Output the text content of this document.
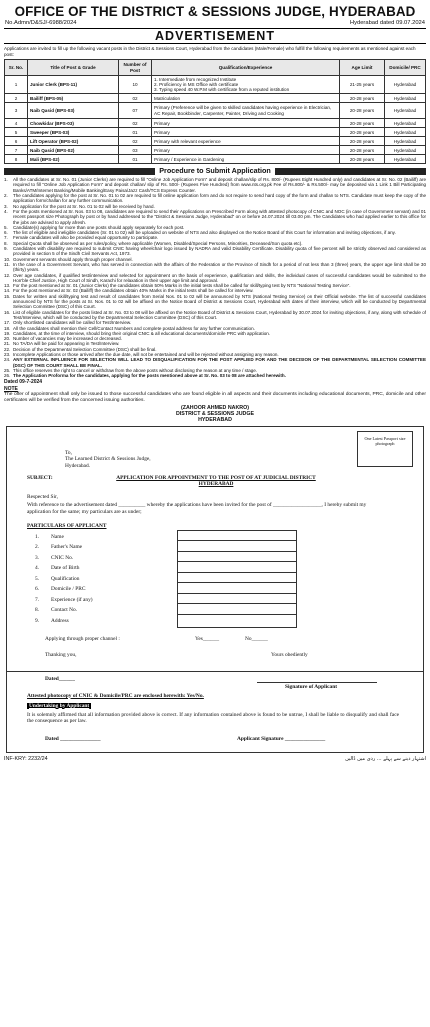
OFFICE OF THE DISTRICT & SESSIONS JUDGE, HYDERABAD
No.Admn/D&SJ/-6988/2024	Hyderabad dated 09.07.2024
ADVERTISEMENT
Applications are invited to fill up the following vacant posts in the District & Sessions Court, Hyderabad from the candidates (Male/Female) who fulfill the following requirements as mentioned against each post:
Sr. No.	Title of Post & Grade	Number of Post	Qualification/Experience	Age Limit	Domicile/ PRC
1	Junior Clerk (BPS-11)	10	1. Intermediate from recognized Institute
2. Proficiency in MS Office with certificate
3. Typing speed 40 W.P.M with certificate from a reputed institution	21-25 years	Hyderabad
2	Bailiff (BPS-05)	02	Matriculation	20-28 years	Hyderabad
3	Naib Qasid (BPS-03)	07	Primary (Preference will be given to skilled candidates having experience in Electrician, AC Repair, Bookbinder, Carpenter, Painter, Driving and Cooking	20-28 years	Hyderabad
4	Chowkidar (BPS-03)	02	Primary	20-28 years	Hyderabad
5	Sweeper (BPS-03)	01	Primary	20-28 years	Hyderabad
6	Lift Operator (BPS-02)	02	Primary with relevant experience	20-28 years	Hyderabad
7	Naib Qasid (BPS-02)	03	Primary	20-28 years	Hyderabad
8	Mali (BPS-02)	01	Primary / Experience in Gardening	20-28 years	Hyderabad
Procedure to Submit Application
1.	All the candidates at Sr. No. 01 (Junior Clerks) are required to fill "Online Job Application Form" and deposit challan/slip of Rs. 800/- (Rupees Eight Hundred only) and candidates at Sr. No. 02 (Bailiff) are required to fill "Online Job Application Form" and deposit challan/ slip of Rs. 500/- (Rupees Five Hundred) from www.nts.org.pk Fee of Rs.800/- & Rs.500/- may be deposited via 1 Link 1 Bill Participating Banks/ATM/Internet Banking/Mobile Banking/Easy Paisa/Jazz Cash/TCS Express Counter.
2.	The candidates applying for the post at Sr. No. 01 to 02 are required to fill online application form and do not require to send hard copy of the form and challan to NTS. Candidate must keep the copy of the application form/challan for any further communication.
3.	No application for the post at Sr. No. 01 to 02 will be received by hand.
4.	For the posts mentioned at Sr. Nos. 03 to 08, candidates are required to send their Applications on Prescribed Form along with attested photocopy of CNIC and NOC (in case of Government servant) and 01 recent passport size Photograph by post or by hand addressed to the "District & Sessions Judge, Hyderabad" on or before 24.07.2024 till 03.00 pm. The Candidates who had applied earlier to this office for the jobs are advised to apply afresh.
5.	Candidate(s) applying for more than one posts should apply separately for each post.
6.	The list of eligible and ineligible candidates (Sr. 01 to 02) will be uploaded on website of NTS and also displayed on the Notice Board of this Court for information and inviting objections, if any.
7.	Female candidates will also be provided equal opportunity to participate.
8.	Special Quota shall be observed as per rules/policy, where applicable (Women, Disabled/Special Persons, Minorities, Deceased/Son quota etc).
9.	Candidates with disability are required to submit CNIC having wheelchair logo issued by NADRA and valid Disability Certificate. Disability quota of five percent will be strictly observed and considered as provided in section 5 of the Sindh Civil Servants Act, 1973.
10. Government servants should apply through proper channel.
11. In the case of a Government Servant, who has served in connection with the affairs of the Federation or the Province of Sindh for a period of not less than 3 (three) years, the upper age limit shall be 30 (thirty) years.
12. Over age candidates, if qualified test/interview and selected for appointment on the basis of experience, qualification and skills, the individual cases of successful candidates would be submitted to the Hon'ble Chief Justice, High Court of Sindh, Karachi for relaxation in their upper age limit and approval.
13. For the post mentioned at Sr. 01 (Junior Clerks) the candidates obtain 50% Marks in the initial tests shall be called for skill/typing test by NTS "National Testing Service".
14. For the post mentioned at Sr. 02 (Bailiff) the candidates obtain 40% Marks in the initial tests shall be called for interview.
15. Dates for written and skill/typing test and result of candidates from Serial Nos. 01 to 02 will be announced by NTS (National Testing Service) on their Official website. The list of successful candidates announced by NTS for the posts at Sr. Nos. 01 to 02 will be affixed on the Notice Board of District & Sessions Court, Hyderabad with dates of their interview, which will be conducted by Departmental Selection Committee (DSC) of this Court.
16. List of eligible candidates for the posts listed at Sr. No. 03 to 08 will be affixed on the Notice Board of District & Sessions Court, Hyderabad by 30.07.2024 for inviting objections, if any, along with schedule of Test/Interview, which will be conducted by the Departmental Selection Committee (DSC) of this Court.
17. Only shortlisted candidates will be called for Test/Interview.
18. All the candidates shall mention their Cell/Contact Numbers and complete postal address for any further communication.
19. Candidates, at the time of interview, should bring their original CNIC & all educational documents/domicile PRC with application.
20. Number of vacancies may be increased or decreased.
21. No TA/DA will be paid for appearing in Test/Interview.
22. Decision of the Departmental Selection Committee (DSC) shall be final.
23. Incomplete Applications or those arrived after the due date, will not be entertained and will be rejected without assigning any reason.
24. ANY EXTERNAL INFLUENCE FOR SELECTION WILL LEAD TO DISQUALIFICATION FOR THE POST APPLIED FOR AND THE DECISION OF THE DEPARTMENTAL SELECTION COMMITTEE (DSC) OF THIS COURT SHALL BE FINAL.
25. This office reserves the right to cancel or withdraw from the above posts without disclosing the reason at any time / stage.
26. The Application Proforma for the candidates, applying for the posts mentioned above at Sr. No. 03 to 08 are attached herewith.
Dated 09-7-2024
NOTE
The offer of appointment shall only be issued to those successful candidates who are found eligible in all aspects and their documents including educational documents, PRC, domicile and other certificates will be verified from the concerned issuing authorities.
(ZAHOOR AHMED NAKRO)
DISTRICT & SESSIONS JUDGE
HYDERABAD
One Latest Passport size photograph
To,
The Learned District & Sessions Judge,
Hyderabad.
SUBJECT:	APPLICATION FOR APPOINTMENT TO THE POST OF AT JUDICIAL DISTRICT HYDERABAD
Respected Sir,
With reference to the advertisement dated __________ whereby the applications have been invited for the post of __________________, I hereby submit my application for the same; my particulars are as under;
PARTICULARS OF APPLICANT
1.	Name
2.	Father's Name
3.	CNIC No.
4.	Date of Birth
5.	Qualification
6.	Domicile / PRC
7.	Experience (if any)
8.	Contact No.
9.	Address
Applying through proper channel :	Yes______	No______
Thanking you,	Yours obediently
Dated______
Signature of Applicant
Attested photocopy of CNIC & Domicile/PRC are enclosed herewith: Yes/No.
Undertaking by Applicant
It is solemnly affirmed that all information provided above is correct. If any information contained above is found to be untrue, I shall be liable to disqualify and shall face the consequence as per law.
Dated _______________	Applicant Signature _______________
INF-KRY: 2232/24	اشتہار دینے سے پہلے ... ردی میں ڈالیں
